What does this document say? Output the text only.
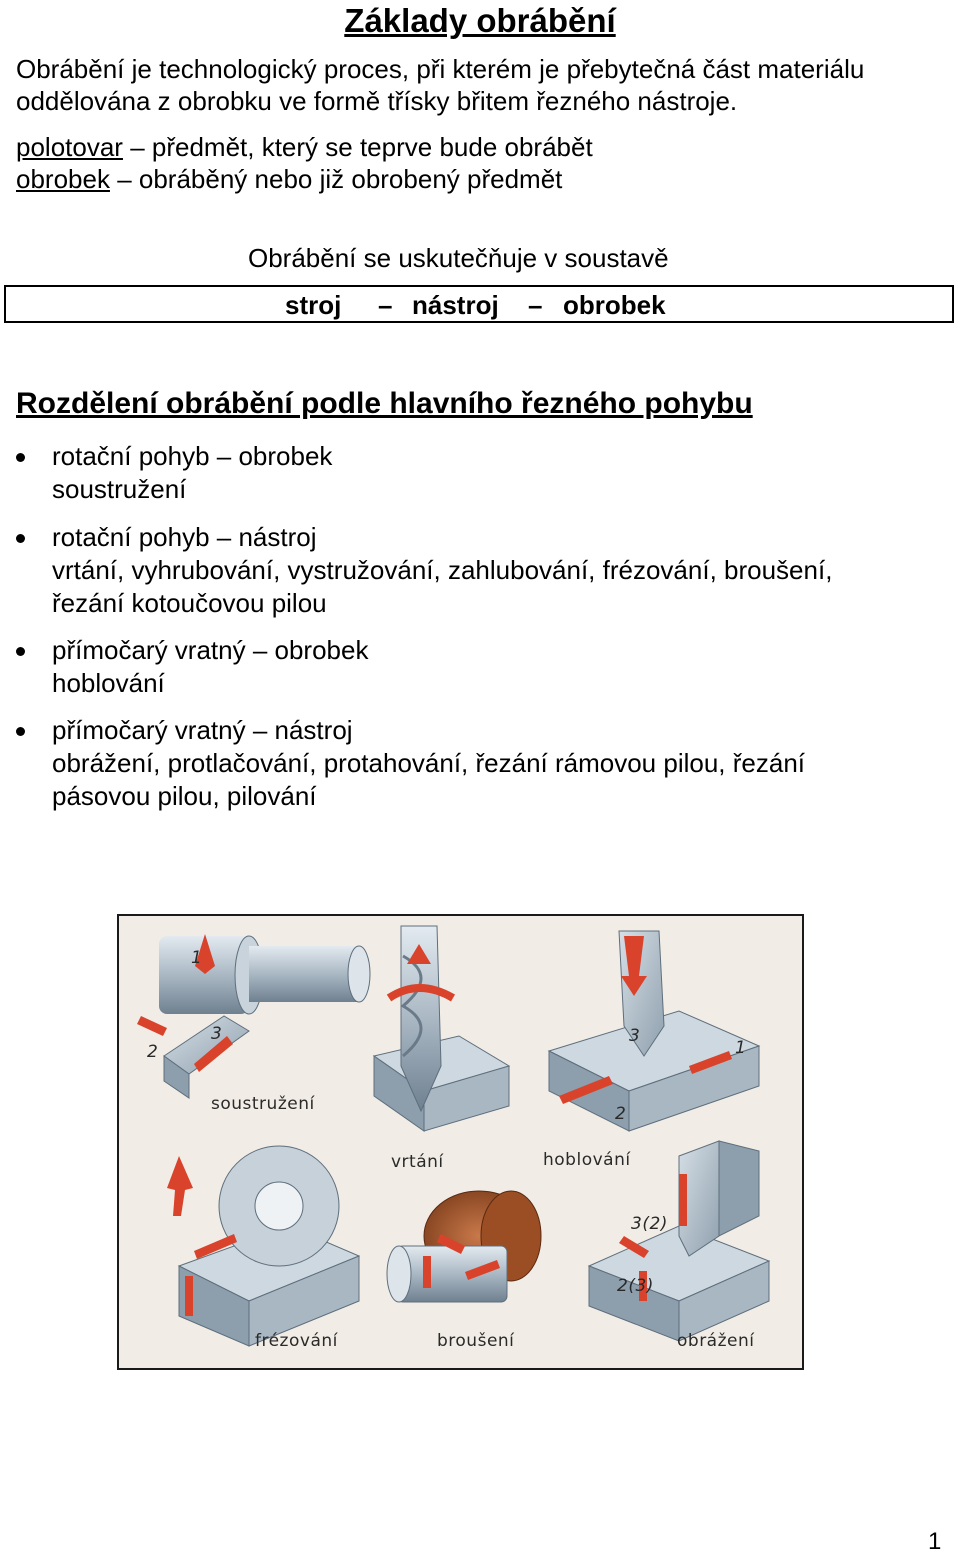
Základy obrábění

Obrábění je technologický proces, při kterém je přebytečná část materiálu oddělována z obrobku ve formě třísky břitem řezného nástroje.

polotovar – předmět, který se teprve bude obrábět
obrobek – obráběný nebo již obrobený předmět
Obrábění se uskutečňuje v soustavě
stroj – nástroj – obrobek
Rozdělení obrábění podle hlavního řezného pohybu
rotační pohyb – obrobek
soustružení
rotační pohyb – nástroj
vrtání, vyhrubování, vystružování, zahlubování, frézování, broušení,
řezání kotoučovou pilou
přímočarý vratný – obrobek
hoblování
přímočarý vratný – nástroj
obrážení, protlačování, protahování, řezání rámovou pilou, řezání
pásovou pilou, pilování
soustružení
vrtání	hoblování
frézování	broušení	obrážení
1
2
3	3
1
2
3(2)
2(3)
1
